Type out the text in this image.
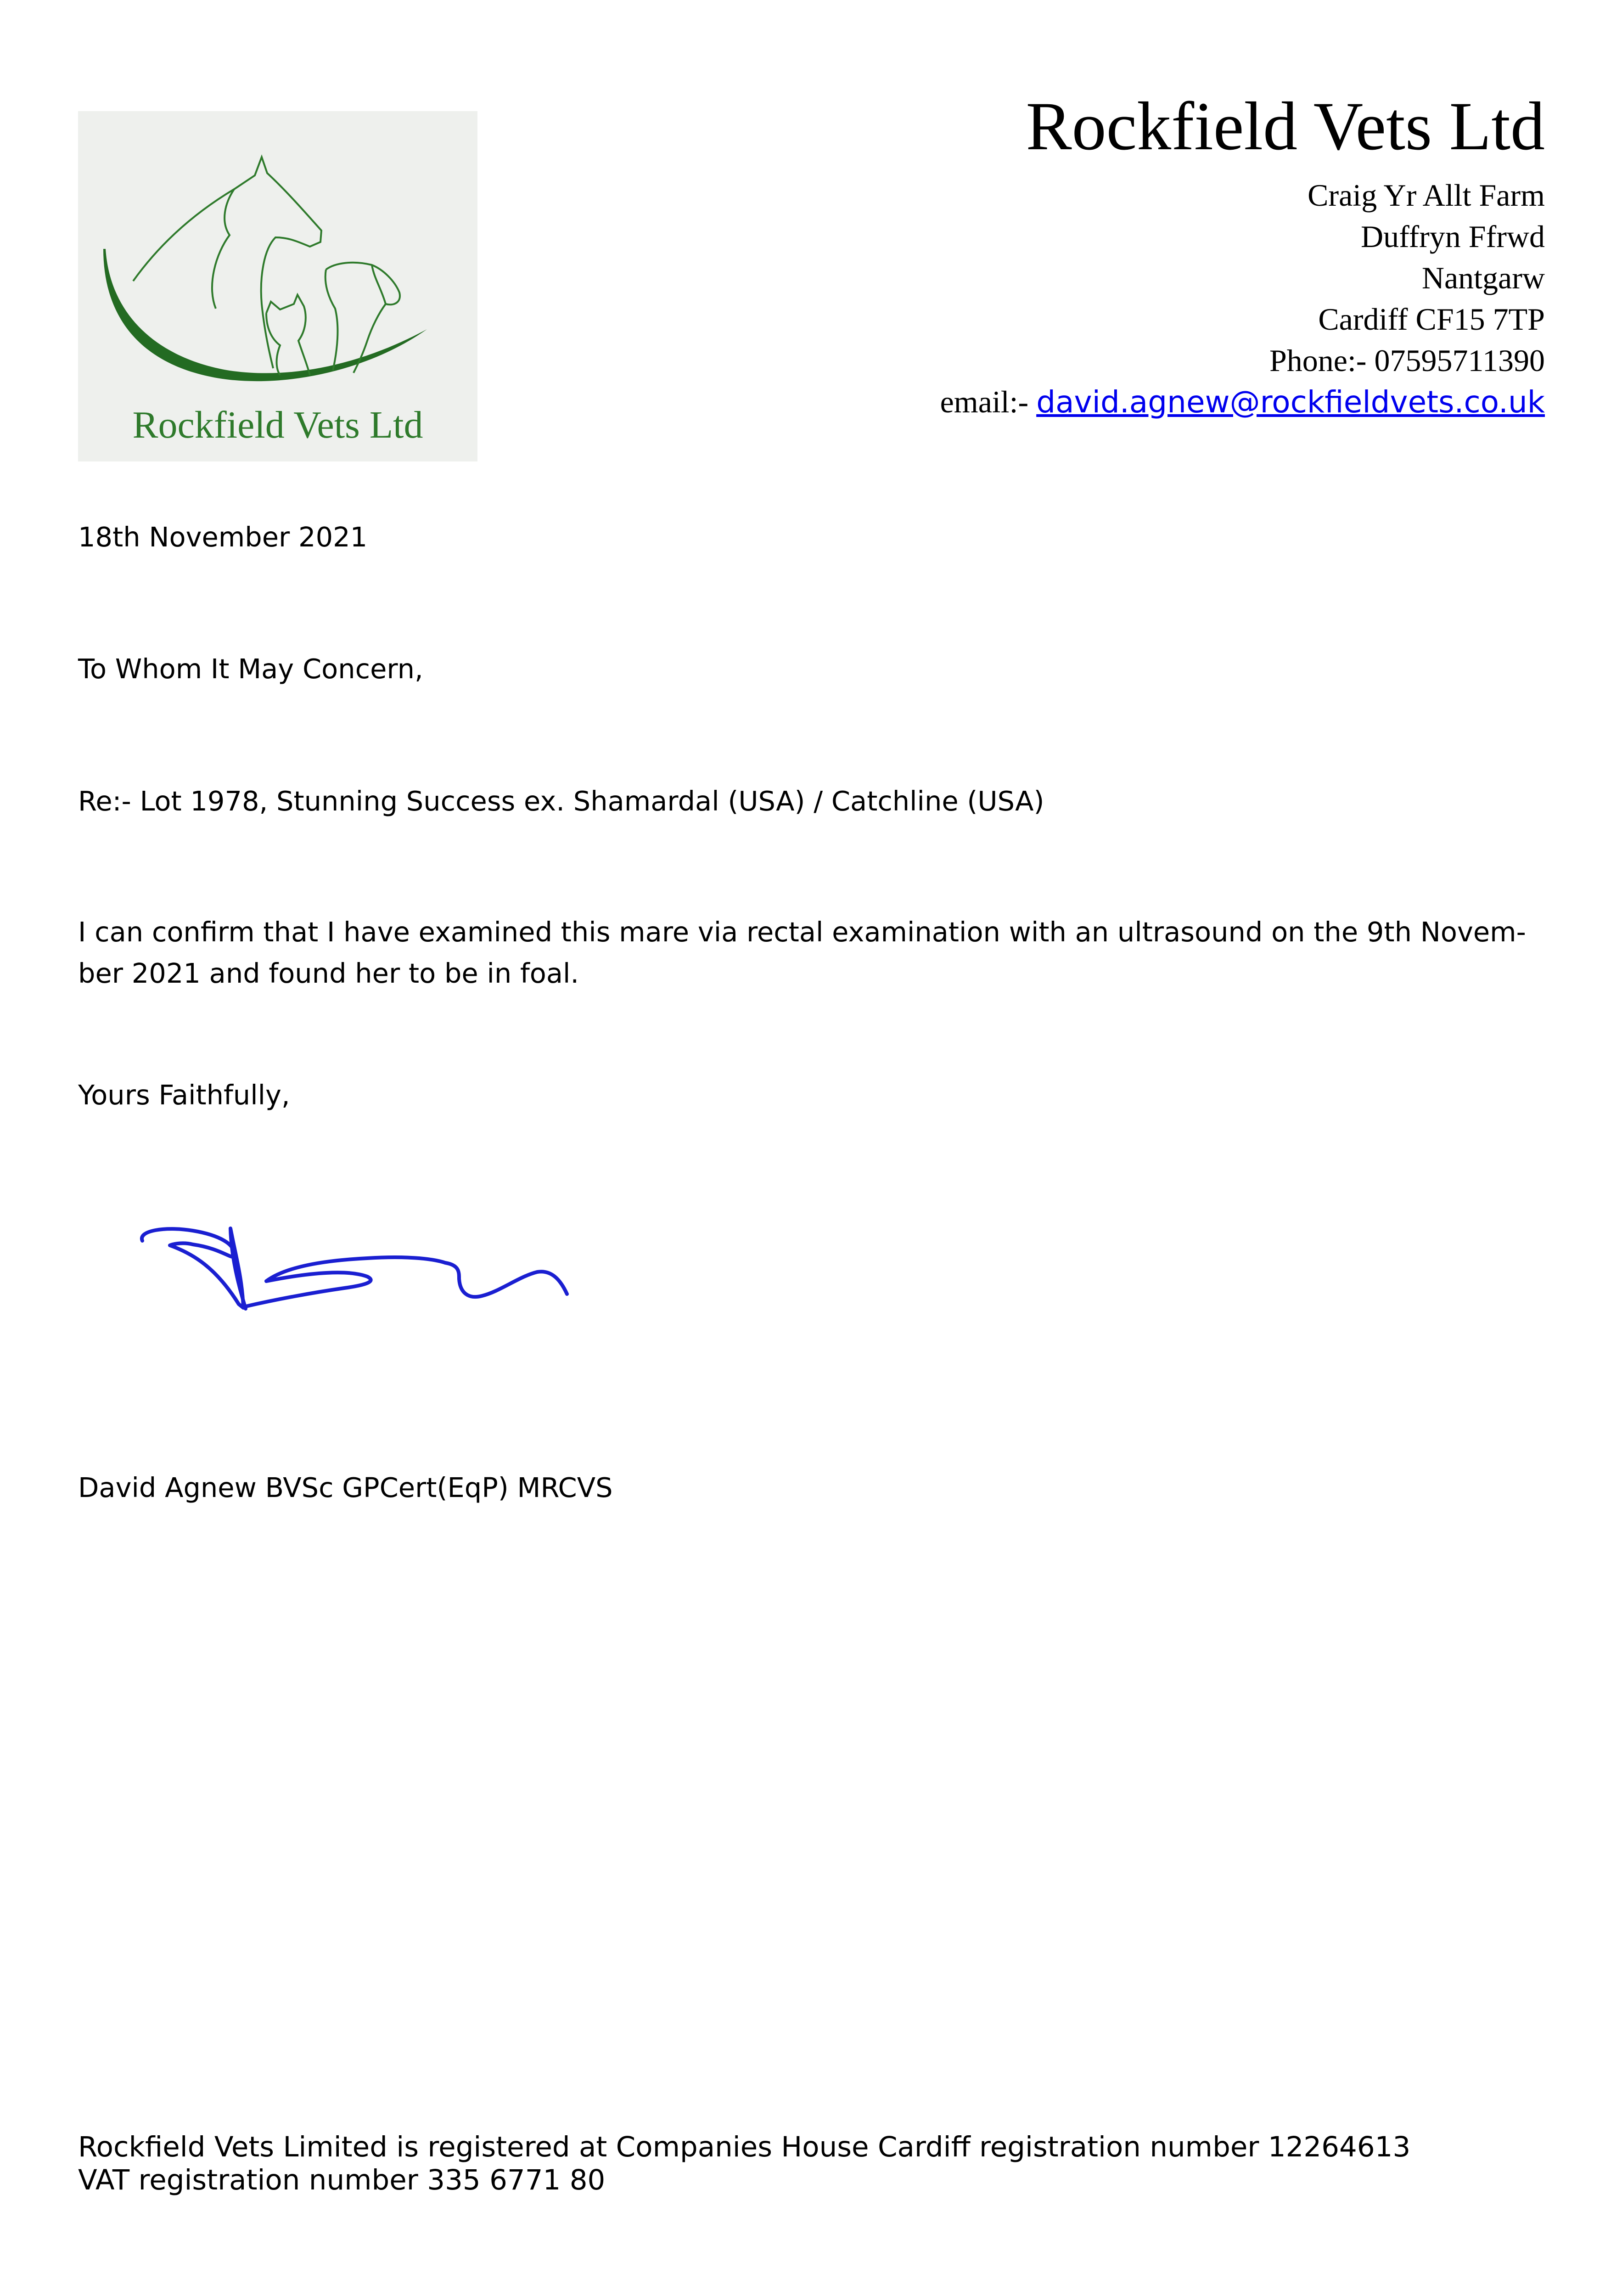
Rockfield Vets Ltd
Rockfield Vets Ltd
Craig Yr Allt Farm
Duffryn Ffrwd
Nantgarw
Cardiff CF15 7TP
Phone:- 07595711390
email:- david.agnew@rockfieldvets.co.uk
18th November 2021
To Whom It May Concern,
Re:- Lot 1978, Stunning Success ex. Shamardal (USA) / Catchline (USA)
I can confirm that I have examined this mare via rectal examination with an ultrasound on the 9th Novem-
ber 2021 and found her to be in foal.
Yours Faithfully,
David Agnew BVSc GPCert(EqP) MRCVS
Rockfield Vets Limited is registered at Companies House Cardiff registration number 12264613
VAT registration number 335 6771 80
